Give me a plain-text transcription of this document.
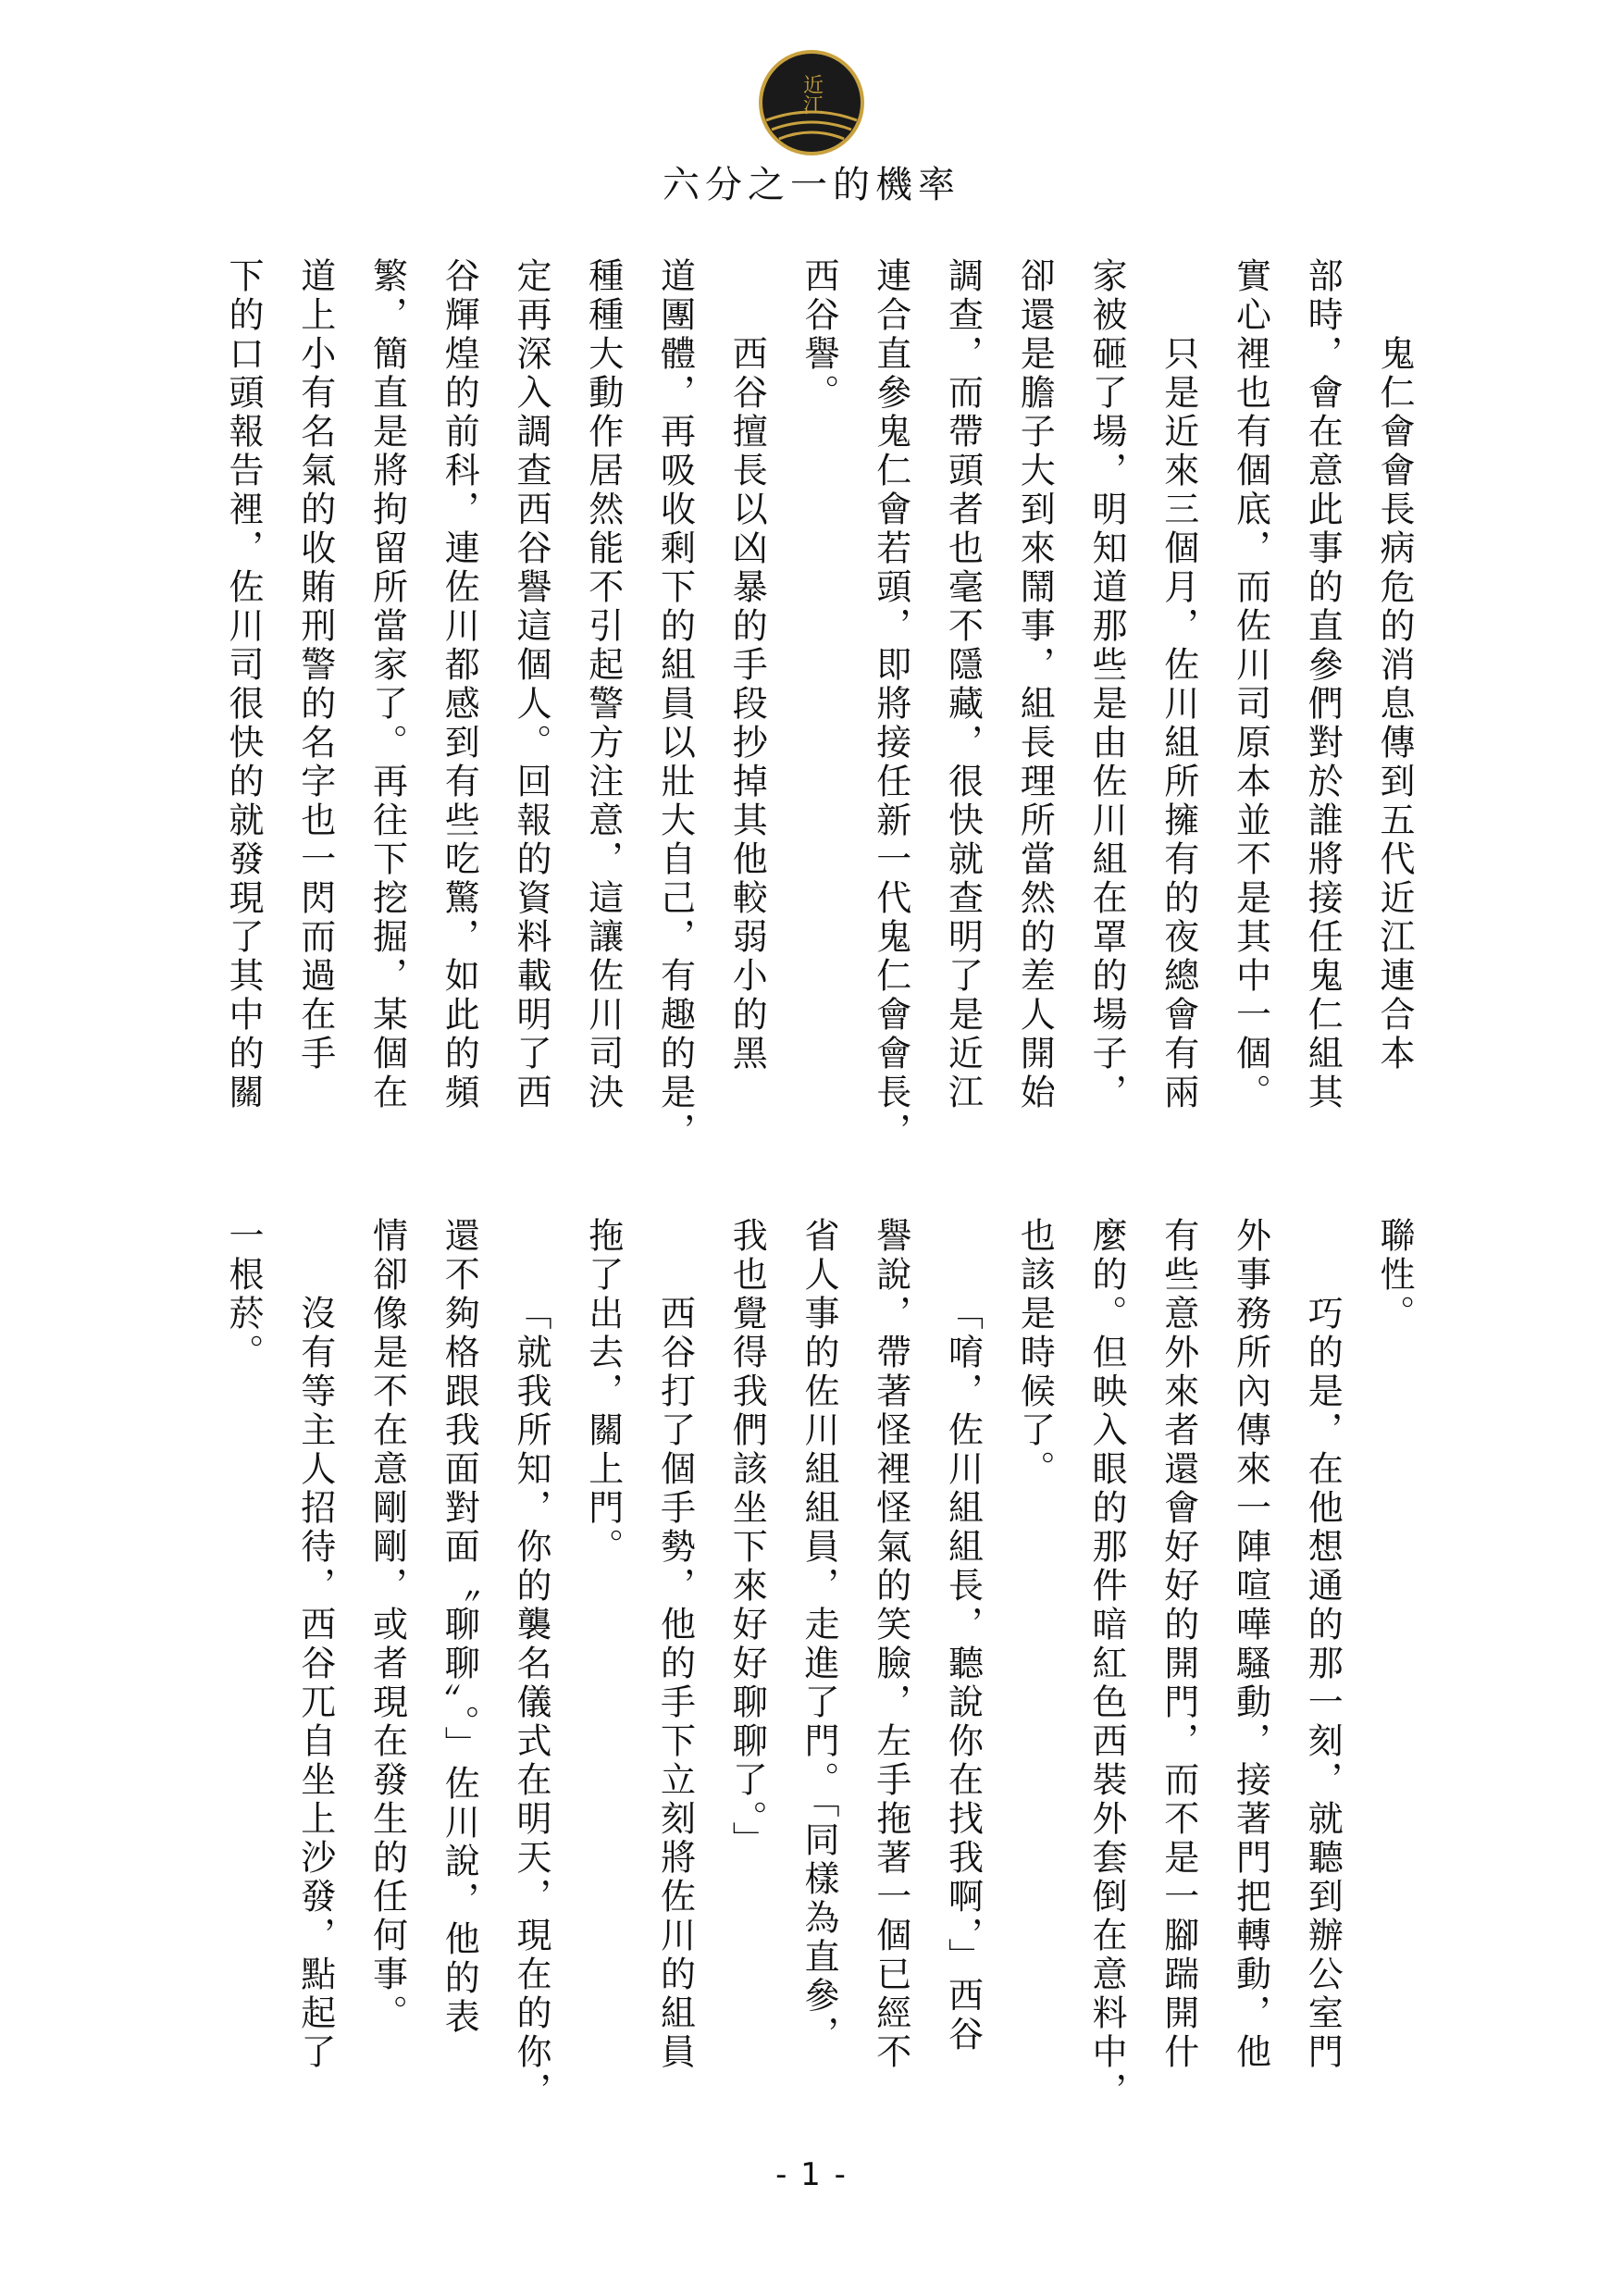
近江
六分之一的機率
鬼仁會會長病危的消息傳到五代近江連合本
部時，會在意此事的直參們對於誰將接任鬼仁組其
實心裡也有個底，而佐川司原本並不是其中一個。
只是近來三個月，佐川組所擁有的夜總會有兩
家被砸了場，明知道那些是由佐川組在罩的場子，
卻還是膽子大到來鬧事，組長理所當然的差人開始
調查，而帶頭者也毫不隱藏，很快就查明了是近江
連合直參鬼仁會若頭，即將接任新一代鬼仁會會長，
西谷譽。
西谷擅長以凶暴的手段抄掉其他較弱小的黑
道團體，再吸收剩下的組員以壯大自己，有趣的是，
種種大動作居然能不引起警方注意，這讓佐川司決
定再深入調查西谷譽這個人。回報的資料載明了西
谷輝煌的前科，連佐川都感到有些吃驚，如此的頻
繁，簡直是將拘留所當家了。再往下挖掘，某個在
道上小有名氣的收賄刑警的名字也一閃而過在手
下的口頭報告裡，佐川司很快的就發現了其中的關
聯性。
巧的是，在他想通的那一刻，就聽到辦公室門
外事務所內傳來一陣喧嘩騷動，接著門把轉動，他
有些意外來者還會好好的開門，而不是一腳踹開什
麼的。但映入眼的那件暗紅色西裝外套倒在意料中，
也該是時候了。
「唷，佐川組組長，聽說你在找我啊，」西谷
譽說，帶著怪裡怪氣的笑臉，左手拖著一個已經不
省人事的佐川組組員，走進了門。「同樣為直參，
我也覺得我們該坐下來好好聊聊了。」
西谷打了個手勢，他的手下立刻將佐川的組員
拖了出去，關上門。
「就我所知，你的襲名儀式在明天，現在的你，
還不夠格跟我面對面〝聊聊〞。」佐川說，他的表
情卻像是不在意剛剛，或者現在發生的任何事。
沒有等主人招待，西谷兀自坐上沙發，點起了
一根菸。
- 1 -
